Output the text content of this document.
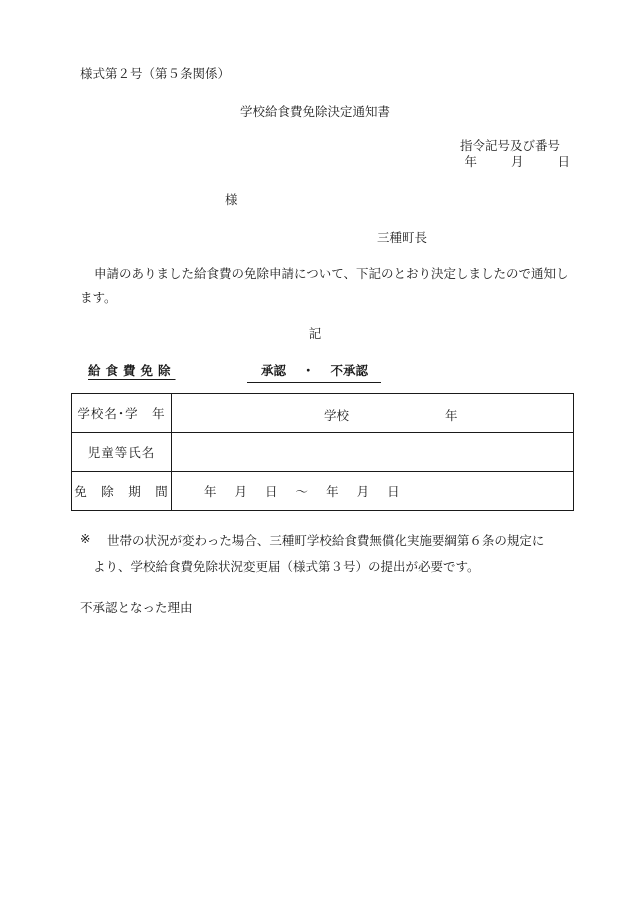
様式第２号（第５条関係）
学校給食費免除決定通知書
指令記号及び番号
年	月	日
様
三種町長
申請のありました給食費の免除申請について、下記のとおり決定しましたので通知します。
記
給食費免除	承認 ・ 不承認
学校名･学　年	学校 年

児童等氏名	
免　除　期　間	年 月 日 ～ 年 月 日
※ 世帯の状況が変わった場合、三種町学校給食費無償化実施要綱第６条の規定に
より、学校給食費免除状況変更届（様式第３号）の提出が必要です。
不承認となった理由
